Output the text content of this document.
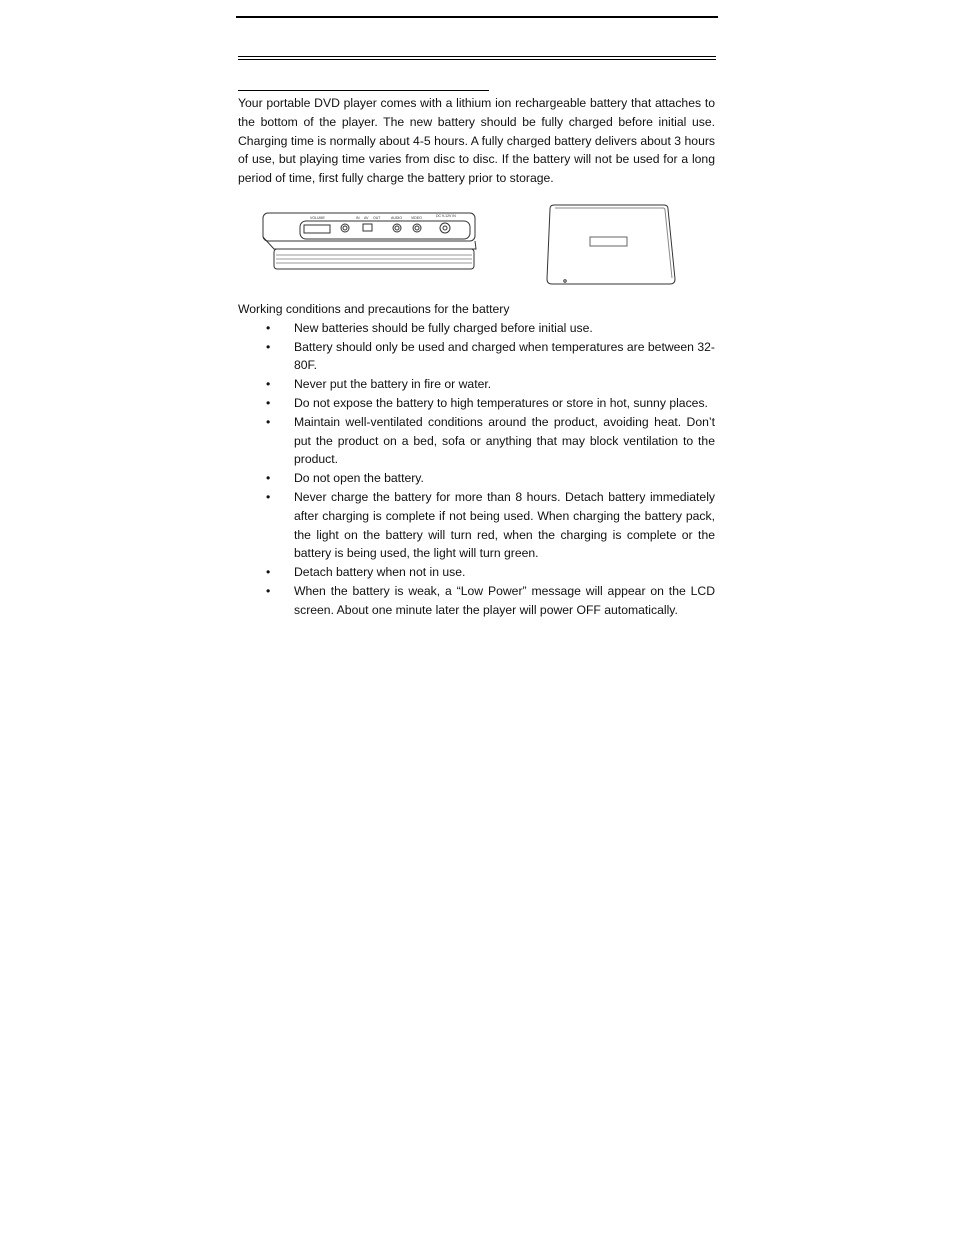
Your portable DVD player comes with a lithium ion rechargeable battery that attaches to the bottom of the player. The new battery should be fully charged before initial use. Charging time is normally about 4-5 hours. A fully charged battery delivers about 3 hours of use, but playing time varies from disc to disc. If the battery will not be used for a long period of time, first fully charge the battery prior to storage.

VOLUME	IN AV OUT	AUDIO	VIDEO	DC 9-12V IN

Working conditions and precautions for the battery

• New batteries should be fully charged before initial use.
• Battery should only be used and charged when temperatures are between 32-80F.
• Never put the battery in fire or water.
• Do not expose the battery to high temperatures or store in hot, sunny places.
• Maintain well-ventilated conditions around the product, avoiding heat. Don’t put the product on a bed, sofa or anything that may block ventilation to the product.
• Do not open the battery.
• Never charge the battery for more than 8 hours. Detach battery immediately after charging is complete if not being used. When charging the battery pack, the light on the battery will turn red, when the charging is complete or the battery is being used, the light will turn green.
• Detach battery when not in use.
• When the battery is weak, a “Low Power” message will appear on the LCD screen. About one minute later the player will power OFF automatically.
